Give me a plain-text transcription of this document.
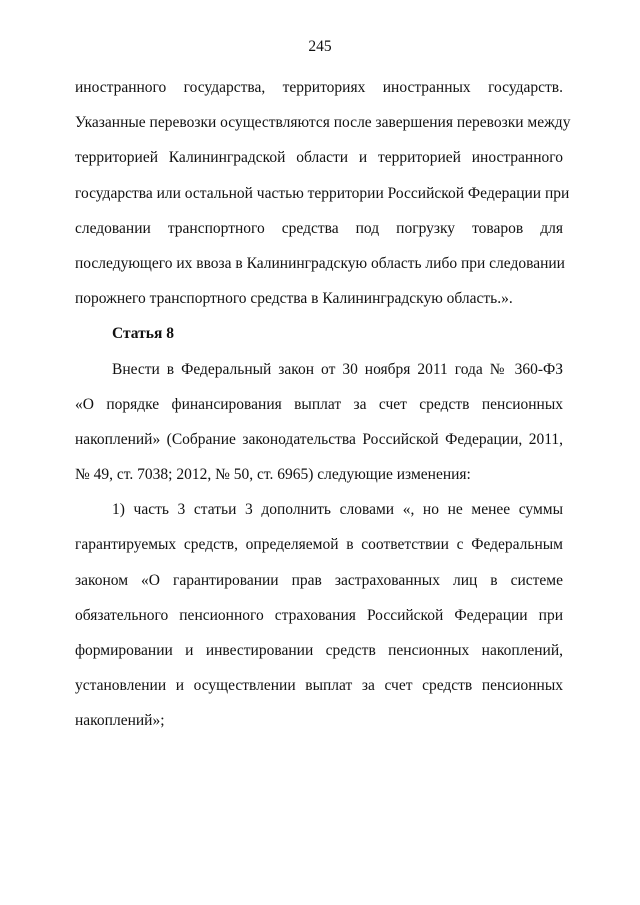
245
иностранного государства, территориях иностранных государств.
Указанные перевозки осуществляются после завершения перевозки между
территорией Калининградской области и территорией иностранного
государства или остальной частью территории Российской Федерации при
следовании транспортного средства под погрузку товаров для
последующего их ввоза в Калининградскую область либо при следовании
порожнего транспортного средства в Калининградскую область.».
Статья 8
Внести в Федеральный закон от 30 ноября 2011 года № 360-ФЗ
«О порядке финансирования выплат за счет средств пенсионных
накоплений» (Собрание законодательства Российской Федерации, 2011,
№ 49, ст. 7038; 2012, № 50, ст. 6965) следующие изменения:
1) часть 3 статьи 3 дополнить словами «, но не менее суммы
гарантируемых средств, определяемой в соответствии с Федеральным
законом «О гарантировании прав застрахованных лиц в системе
обязательного пенсионного страхования Российской Федерации при
формировании и инвестировании средств пенсионных накоплений,
установлении и осуществлении выплат за счет средств пенсионных
накоплений»;
